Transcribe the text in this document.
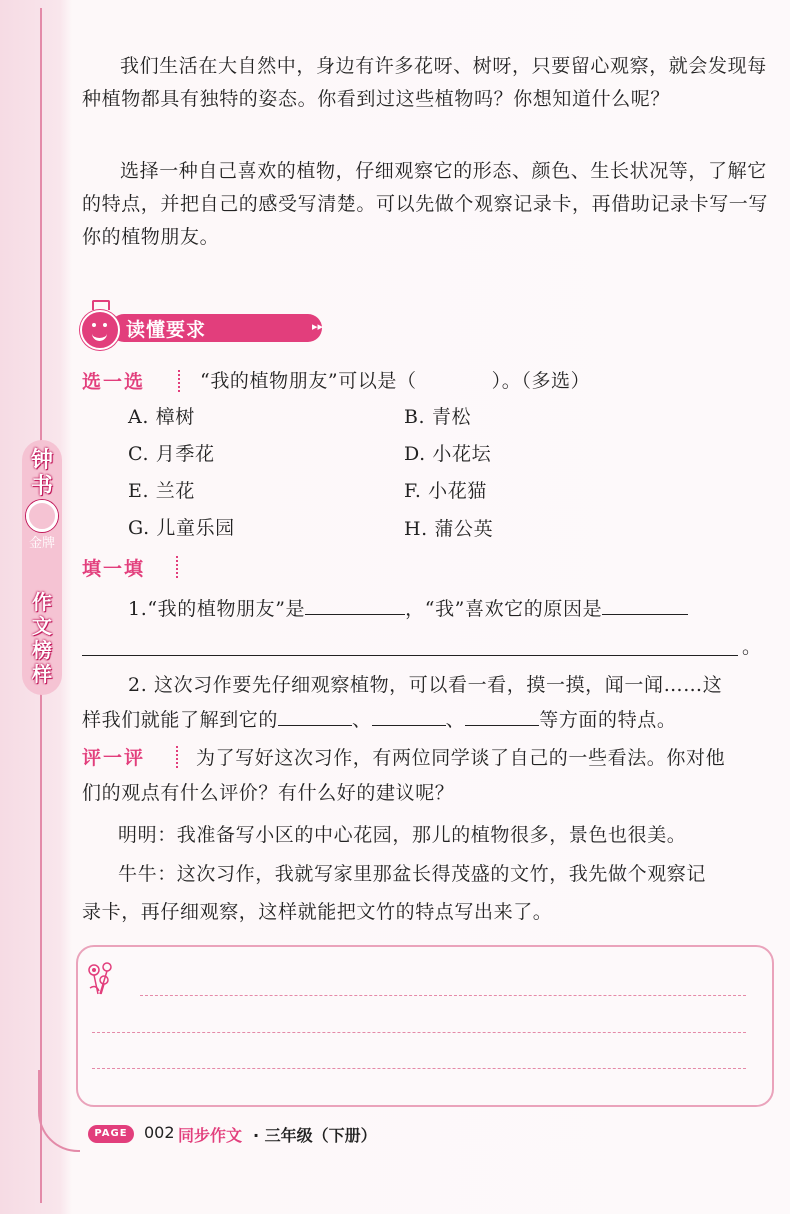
钟书
金牌
作文榜样
我们生活在大自然中，身边有许多花呀、树呀，只要留心观察，就会发现每种植物都具有独特的姿态。你看到过这些植物吗？你想知道什么呢？
选择一种自己喜欢的植物，仔细观察它的形态、颜色、生长状况等，了解它的特点，并把自己的感受写清楚。可以先做个观察记录卡，再借助记录卡写一写你的植物朋友。
读懂要求	▸▸
选一选	“我的植物朋友”可以是（	）。（多选）
A. 樟树	B. 青松
C. 月季花	D. 小花坛
E. 兰花	F. 小花猫
G. 儿童乐园	H. 蒲公英
填一填
1.“我的植物朋友”是	，“我”喜欢它的原因是
。
2. 这次习作要先仔细观察植物，可以看一看，摸一摸，闻一闻……这
样我们就能了解到它的	、	、	等方面的特点。
评一评	为了写好这次习作，有两位同学谈了自己的一些看法。你对他
们的观点有什么评价？有什么好的建议呢？
明明：我准备写小区的中心花园，那儿的植物很多，景色也很美。
牛牛：这次习作，我就写家里那盆长得茂盛的文竹，我先做个观察记
录卡，再仔细观察，这样就能把文竹的特点写出来了。
PAGE	002 同步作文 · 三年级（下册）
